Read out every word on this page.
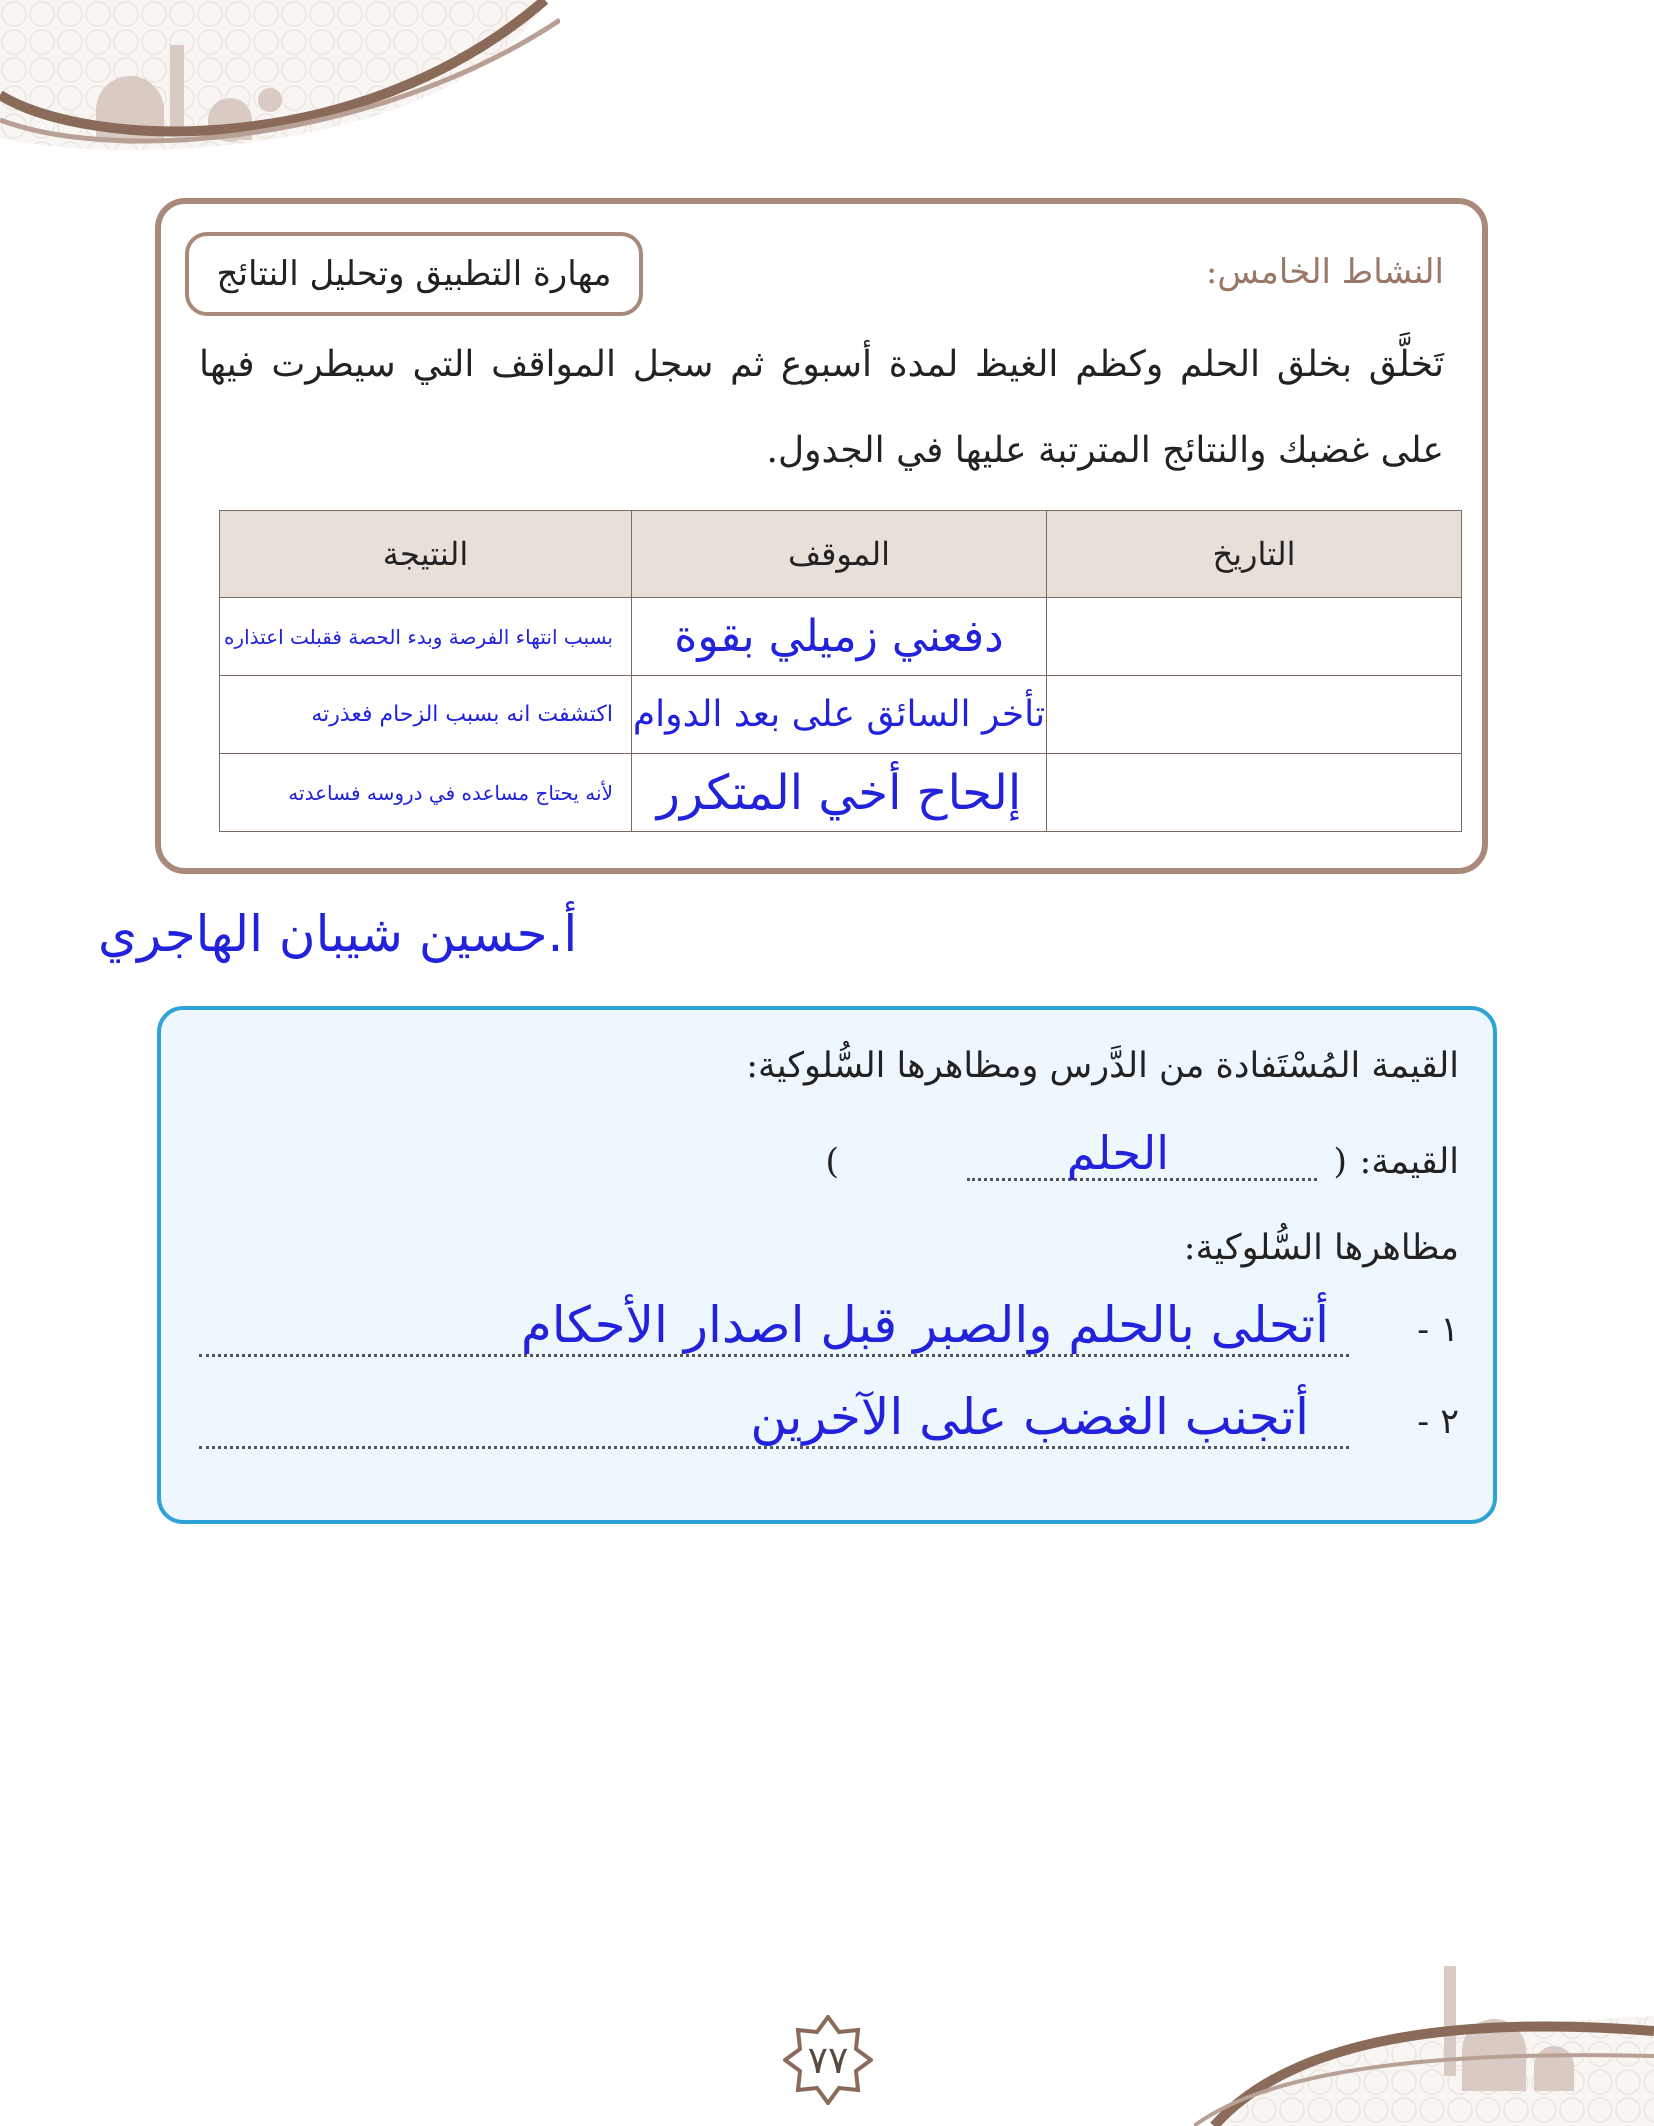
النشاط الخامس:
مهارة التطبيق وتحليل النتائج
تَخلَّق بخلق الحلم وكظم الغيظ لمدة أسبوع ثم سجل المواقف التي سيطرت فيها على غضبك والنتائج المترتبة عليها في الجدول.
التاريخ	الموقف	النتيجة
	دفعني زميلي بقوة	بسبب انتهاء الفرصة وبدء الحصة فقبلت اعتذاره
	تأخر السائق على بعد الدوام	اكتشفت انه بسبب الزحام فعذرته
	إلحاح أخي المتكرر	لأنه يحتاج مساعده في دروسه فساعدته
أ.حسين شيبان الهاجري
القيمة المُسْتَفادة من الدَّرس ومظاهرها السُّلوكية:
القيمة:
(
الحلم
)
مظاهرها السُّلوكية:
١ -
أتحلى بالحلم والصبر قبل اصدار الأحكام
٢ -
أتجنب الغضب على الآخرين
٧٧
